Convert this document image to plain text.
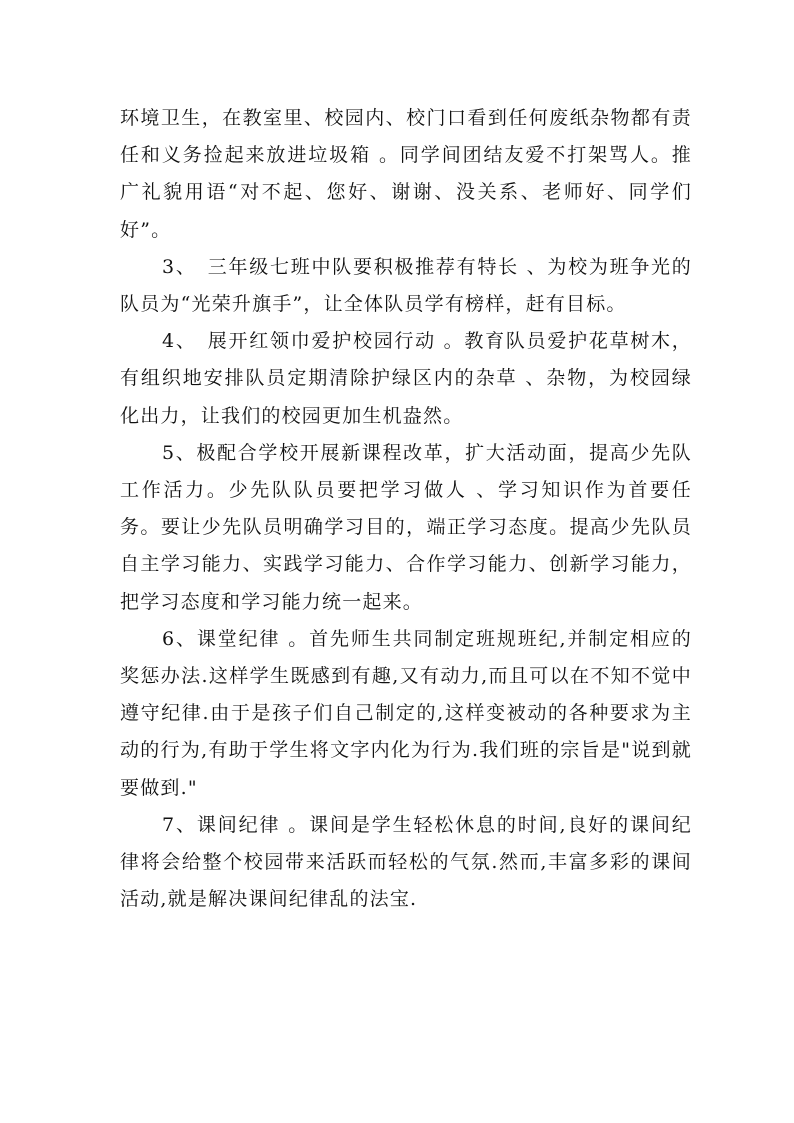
环境卫生，在教室里、校园内、校门口看到任何废纸杂物都有责任和义务捡起来放进垃圾箱 。同学间团结友爱不打架骂人。推广礼貌用语“对不起、您好、谢谢、没关系、老师好、同学们好”。

3、　三年级七班中队要积极推荐有特长 、为校为班争光的队员为“光荣升旗手”，让全体队员学有榜样，赶有目标。

4、　展开红领巾爱护校园行动 。教育队员爱护花草树木，有组织地安排队员定期清除护绿区内的杂草 、杂物，为校园绿化出力，让我们的校园更加生机盎然。

5、极配合学校开展新课程改革，扩大活动面，提高少先队工作活力。少先队队员要把学习做人 、学习知识作为首要任务。要让少先队员明确学习目的，端正学习态度。提高少先队员自主学习能力、实践学习能力、合作学习能力、创新学习能力，把学习态度和学习能力统一起来。

6、课堂纪律 。首先师生共同制定班规班纪,并制定相应的奖惩办法.这样学生既感到有趣,又有动力,而且可以在不知不觉中遵守纪律.由于是孩子们自己制定的,这样变被动的各种要求为主动的行为,有助于学生将文字内化为行为.我们班的宗旨是"说到就要做到."

7、课间纪律 。课间是学生轻松休息的时间,良好的课间纪律将会给整个校园带来活跃而轻松的气氛.然而,丰富多彩的课间活动,就是解决课间纪律乱的法宝.
